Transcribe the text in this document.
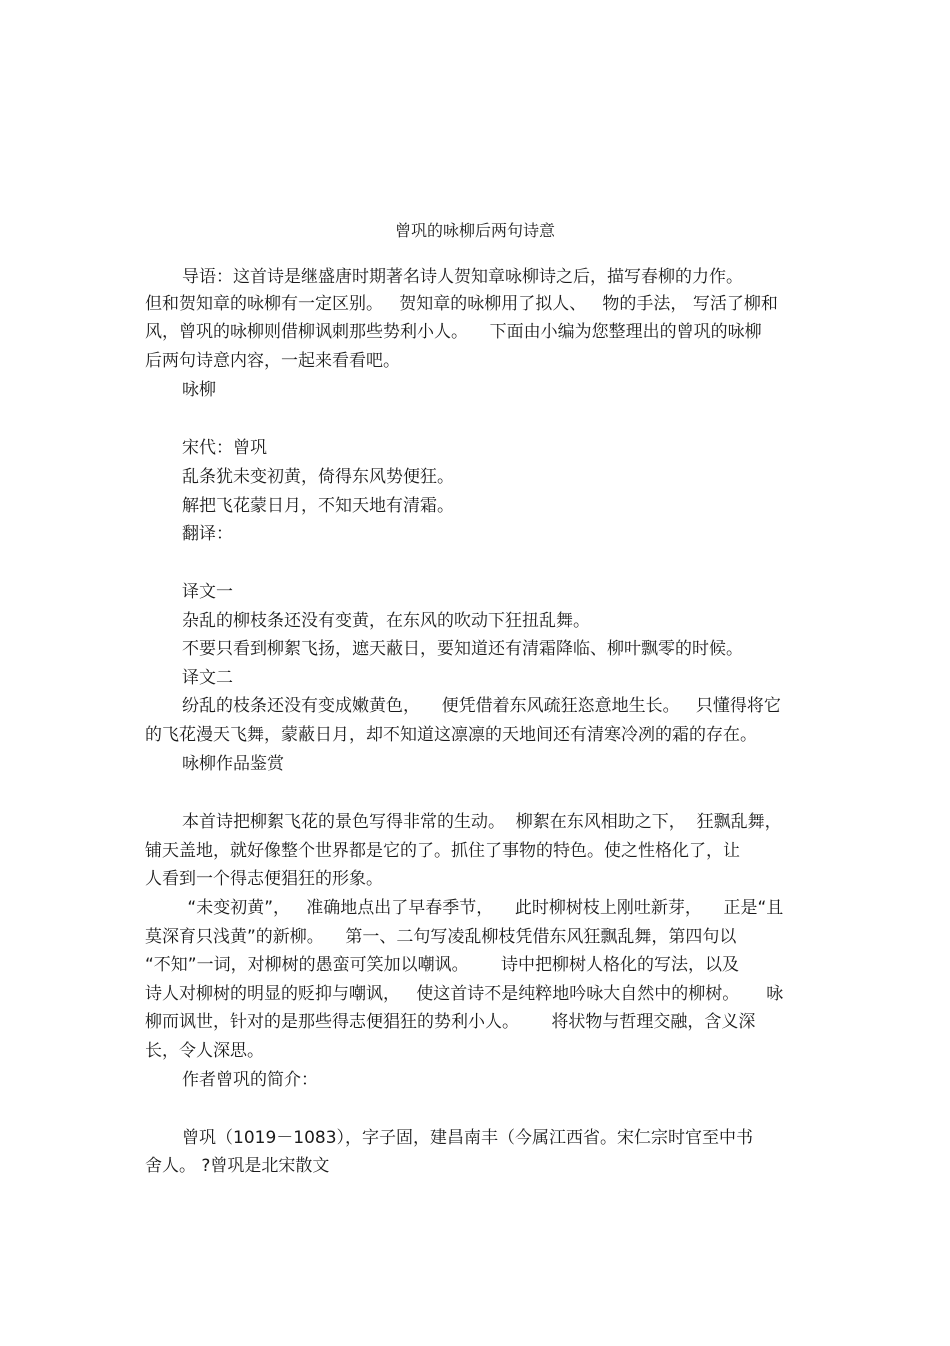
曾巩的咏柳后两句诗意

导语：这首诗是继盛唐时期著名诗人贺知章咏柳诗之后，描写春柳的力作。

但和贺知章的咏柳有一定区别。   贺知章的咏柳用了拟人、   物的手法， 写活了柳和

风，曾巩的咏柳则借柳讽刺那些势利小人。    下面由小编为您整理出的曾巩的咏柳

后两句诗意内容，一起来看看吧。

咏柳

宋代：曾巩

乱条犹未变初黄，倚得东风势便狂。

解把飞花蒙日月，不知天地有清霜。

翻译：

译文一

杂乱的柳枝条还没有变黄，在东风的吹动下狂扭乱舞。

不要只看到柳絮飞扬，遮天蔽日，要知道还有清霜降临、柳叶飘零的时候。

译文二

纷乱的枝条还没有变成嫩黄色，    便凭借着东风疏狂恣意地生长。   只懂得将它

的飞花漫天飞舞，蒙蔽日月，却不知道这凛凛的天地间还有清寒冷冽的霜的存在。

咏柳作品鉴赏

本首诗把柳絮飞花的景色写得非常的生动。  柳絮在东风相助之下，  狂飘乱舞，

铺天盖地，就好像整个世界都是它的了。抓住了事物的特色。使之性格化了，让

人看到一个得志便猖狂的形象。

“未变初黄”，   准确地点出了早春季节，    此时柳树枝上刚吐新芽，    正是“且

莫深育只浅黄”的新柳。    第一、二句写凌乱柳枝凭借东风狂飘乱舞，第四句以

“不知”一词，对柳树的愚蛮可笑加以嘲讽。      诗中把柳树人格化的写法，以及

诗人对柳树的明显的贬抑与嘲讽，   使这首诗不是纯粹地吟咏大自然中的柳树。     咏

柳而讽世，针对的是那些得志便猖狂的势利小人。      将状物与哲理交融，含义深

长，令人深思。

作者曾巩的简介：

曾巩（1019－1083），字子固，建昌南丰（今属江西省。宋仁宗时官至中书

舍人。 ?曾巩是北宋散文
